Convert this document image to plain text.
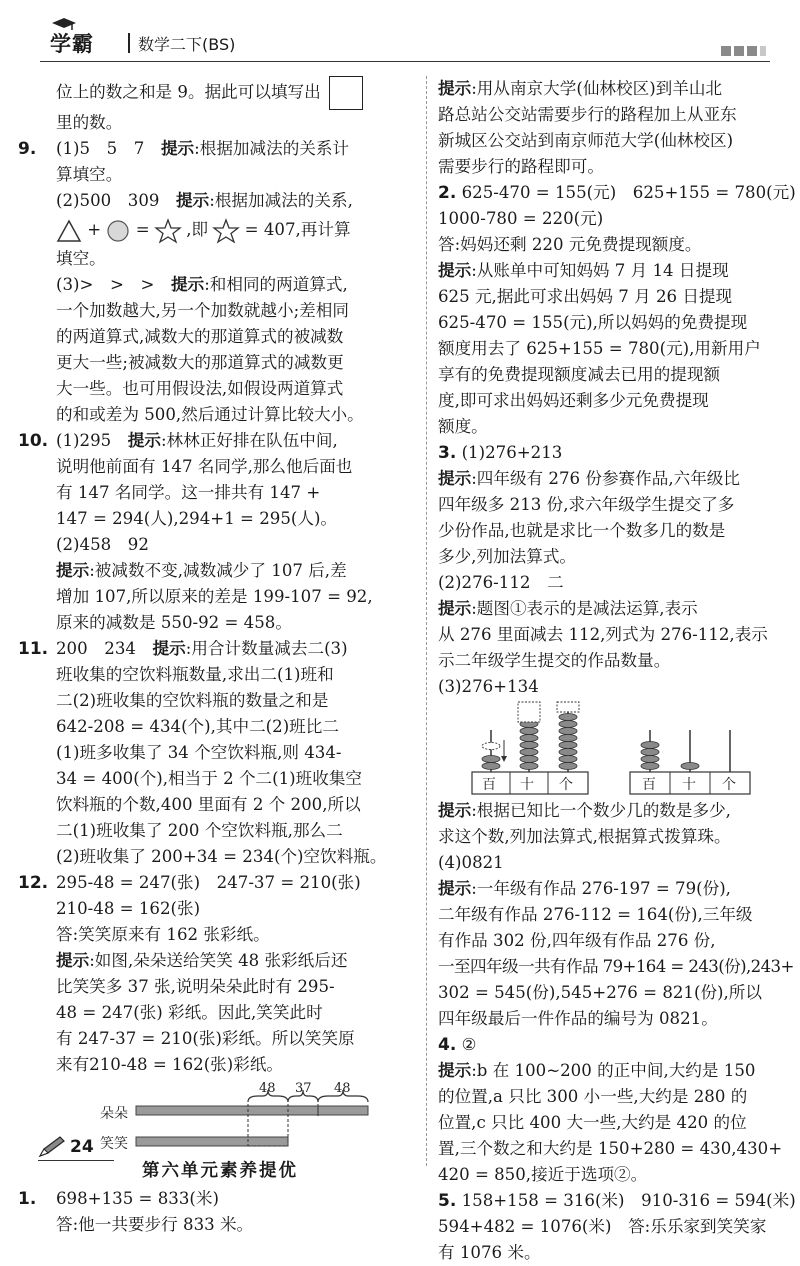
学霸	数学二下(BS)
位上的数之和是 9。据此可以填写出
里的数。
9. (1)5　5　7　 提示:根据加减法的关系计
算填空。
(2)500　309　 提示:根据加减法的关系,
+ = ,即 = 407,再计算
填空。
(3)>　>　>　 提示:和相同的两道算式,
一个加数越大,另一个加数就越小;差相同
的两道算式,减数大的那道算式的被减数
更大一些;被减数大的那道算式的减数更
大一些。也可用假设法,如假设两道算式
的和或差为 500,然后通过计算比较大小。
10. (1)295　 提示:林林正好排在队伍中间,
说明他前面有 147 名同学,那么他后面也
有 147 名同学。这一排共有 147 +
147 = 294(人),294+1 = 295(人)。
(2)458　92
提示:被减数不变,减数减少了 107 后,差
增加 107,所以原来的差是 199-107 = 92,
原来的减数是 550-92 = 458。
11. 200　234　 提示:用合计数量减去二(3)
班收集的空饮料瓶数量,求出二(1)班和
二(2)班收集的空饮料瓶的数量之和是
642-208 = 434(个),其中二(2)班比二
(1)班多收集了 34 个空饮料瓶,则 434-
34 = 400(个),相当于 2 个二(1)班收集空
饮料瓶的个数,400 里面有 2 个 200,所以
二(1)班收集了 200 个空饮料瓶,那么二
(2)班收集了 200+34 = 234(个)空饮料瓶。
12. 295-48 = 247(张)　247-37 = 210(张)
210-48 = 162(张)
答:笑笑原来有 162 张彩纸。
提示:如图,朵朵送给笑笑 48 张彩纸后还
比笑笑多 37 张,说明朵朵此时有 295-
48 = 247(张) 彩纸。因此,笑笑此时
有 247-37 = 210(张)彩纸。所以笑笑原
来有210-48 = 162(张)彩纸。
朵朵
笑笑
48 37 48
第六单元素养提优
1. 698+135 = 833(米)
答:他一共要步行 833 米。
提示:用从南京大学(仙林校区)到羊山北
路总站公交站需要步行的路程加上从亚东
新城区公交站到南京师范大学(仙林校区)
需要步行的路程即可。
2. 625-470 = 155(元)　625+155 = 780(元)
1000-780 = 220(元)
答:妈妈还剩 220 元免费提现额度。
提示:从账单中可知妈妈 7 月 14 日提现
625 元,据此可求出妈妈 7 月 26 日提现
625-470 = 155(元),所以妈妈的免费提现
额度用去了 625+155 = 780(元),用新用户
享有的免费提现额度减去已用的提现额
度,即可求出妈妈还剩多少元免费提现
额度。
3. (1)276+213
提示:四年级有 276 份参赛作品,六年级比
四年级多 213 份,求六年级学生提交了多
少份作品,也就是求比一个数多几的数是
多少,列加法算式。
(2)276-112　二
提示:题图①表示的是减法运算,表示
从 276 里面减去 112,列式为 276-112,表示
示二年级学生提交的作品数量。
(3)276+134
百 十 个	百 十 个
提示:根据已知比一个数少几的数是多少,
求这个数,列加法算式,根据算式拨算珠。
(4)0821
提示:一年级有作品 276-197 = 79(份),
二年级有作品 276-112 = 164(份),三年级
有作品 302 份,四年级有作品 276 份,
一至四年级一共有作品 79+164 = 243(份),243+
302 = 545(份),545+276 = 821(份),所以
四年级最后一件作品的编号为 0821。
4. ②
提示:b 在 100~200 的正中间,大约是 150
的位置,a 只比 300 小一些,大约是 280 的
位置,c 只比 400 大一些,大约是 420 的位
置,三个数之和大约是 150+280 = 430,430+
420 = 850,接近于选项②。
5. 158+158 = 316(米)　910-316 = 594(米)
594+482 = 1076(米)　答:乐乐家到笑笑家
有 1076 米。
24
